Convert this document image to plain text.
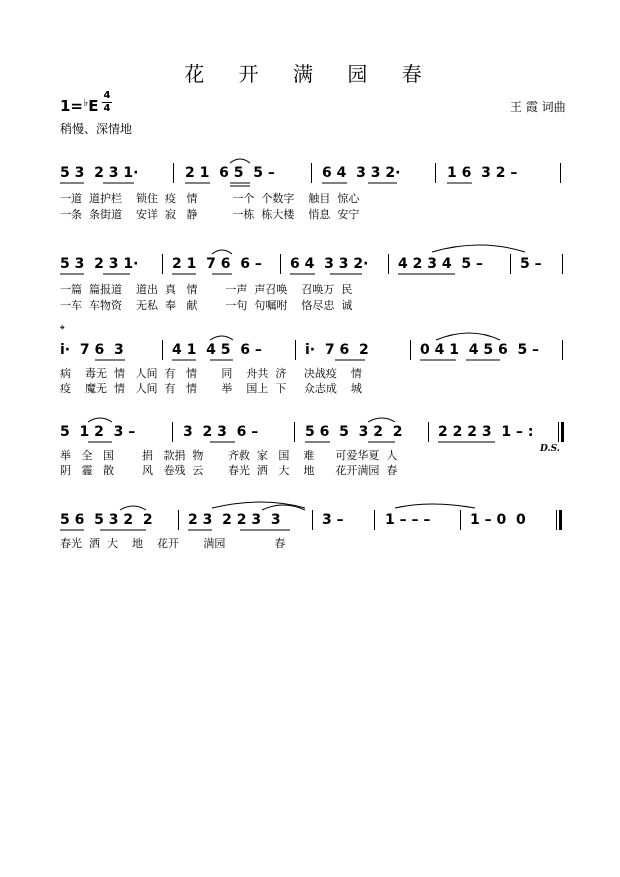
花 开 满 园 春
1=♭E
4
4
稍慢、深情地
王 霞 词曲
5 3  2 3 1·	2 1  6 5  5 –	6 4  3 3 2·	1 6  3 2 –
一道  道护栏    锁住  疫   情          一个  个数字    触目  惊心
一条  条街道    安详  寂   静          一栋  栋大楼    悄息  安宁
5 3  2 3 1· 2 1  7 6  6 – 6 4  3 3 2· 4 2 3 4  5 –	5 –
一篇  篇报道    道出  真   情        一声  声召唤    召唤万  民
一车  车物资    无私  奉   献        一句  句嘱咐    恪尽忠  诚
𝄌
i·  7 6  3	4 1  4 5  6 –	i·  7 6  2	0 4 1  4 5 6  5 –
病    毒无  情   人间  有   情       同    舟共  济     决战疫    情
疫    魔无  情   人间  有   情       举    国上  下     众志成    城
5  1 2  3 –	3  2 3  6 –	5 6  5  3 2  2	2 2 2 3  1 – :
举   全   国        捐   款捐  物       齐救  家   国    难      可爱华夏  人
阴   霾   散        风   卷残  云       春光  洒   大    地      花开满园  春
D.S.
5 6  5 3 2  2	2 3  2 2 3  3	3 –	1 – – –	1 – 0  0
春光  洒  大    地    花开       满园              春
